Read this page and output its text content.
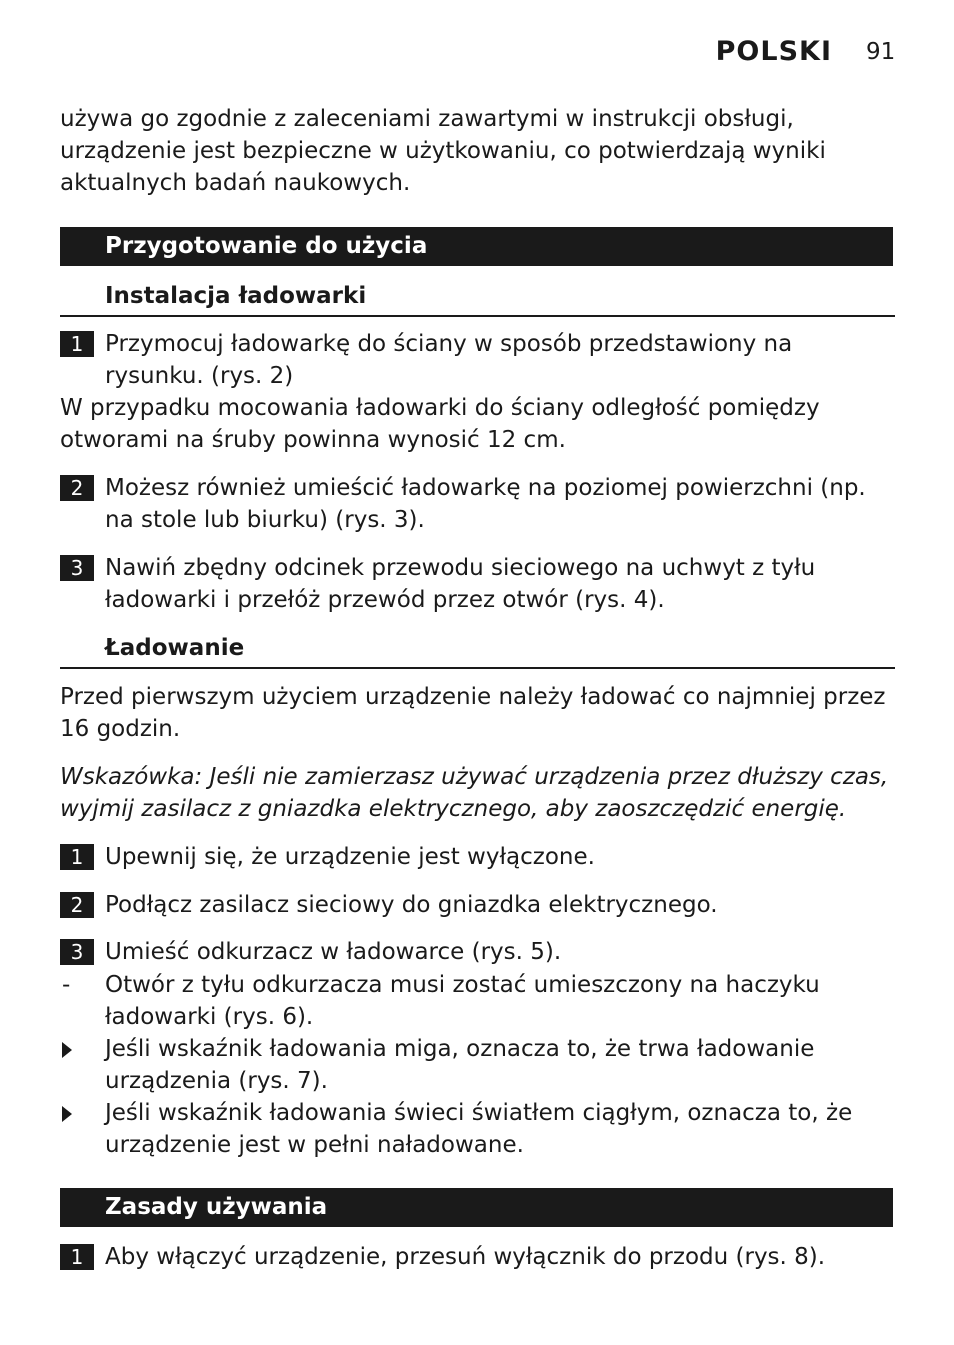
POLSKI 91

używa go zgodnie z zaleceniami zawartymi w instrukcji obsługi, urządzenie jest bezpieczne w użytkowaniu, co potwierdzają wyniki aktualnych badań naukowych.

Przygotowanie do użycia
Instalacja ładowarki
1 Przymocuj ładowarkę do ściany w sposób przedstawiony na rysunku. (rys. 2)

W przypadku mocowania ładowarki do ściany odległość pomiędzy otworami na śruby powinna wynosić 12 cm.

2 Możesz również umieścić ładowarkę na poziomej powierzchni (np. na stole lub biurku) (rys. 3).
3 Nawiń zbędny odcinek przewodu sieciowego na uchwyt z tyłu ładowarki i przełóż przewód przez otwór (rys. 4).
Ładowanie

Przed pierwszym użyciem urządzenie należy ładować co najmniej przez 16 godzin.

Wskazówka: Jeśli nie zamierzasz używać urządzenia przez dłuższy czas, wyjmij zasilacz z gniazdka elektrycznego, aby zaoszczędzić energię.

1 Upewnij się, że urządzenie jest wyłączone.
2 Podłącz zasilacz sieciowy do gniazdka elektrycznego.
3 Umieść odkurzacz w ładowarce (rys. 5).
- Otwór z tyłu odkurzacza musi zostać umieszczony na haczyku ładowarki (rys. 6).
Jeśli wskaźnik ładowania miga, oznacza to, że trwa ładowanie urządzenia (rys. 7).
Jeśli wskaźnik ładowania świeci światłem ciągłym, oznacza to, że urządzenie jest w pełni naładowane.
Zasady używania
1 Aby włączyć urządzenie, przesuń wyłącznik do przodu (rys. 8).
